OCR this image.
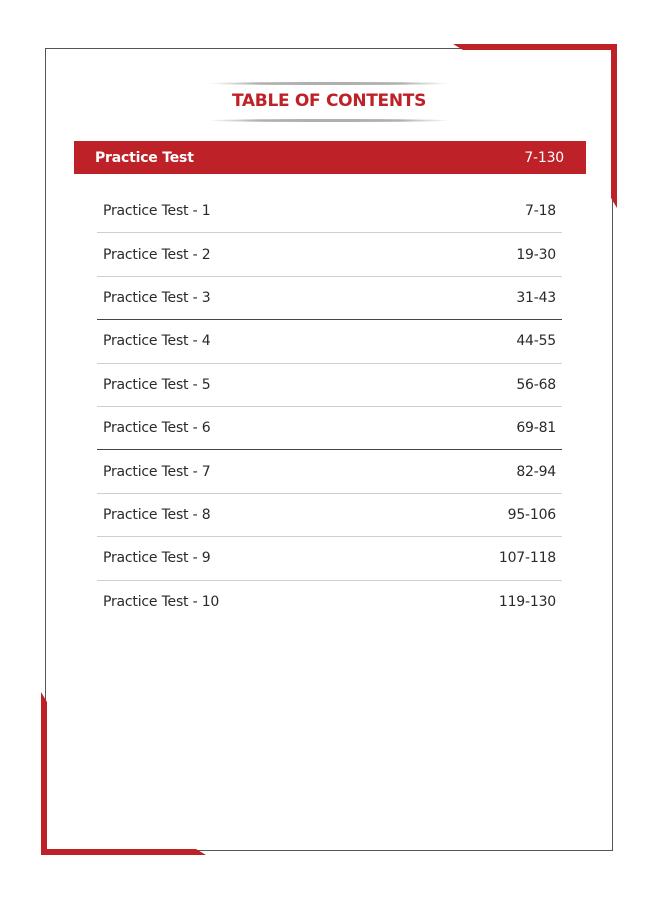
TABLE OF CONTENTS
Practice Test	7-130
Practice Test - 1	7-18
Practice Test - 2	19-30
Practice Test - 3	31-43
Practice Test - 4	44-55
Practice Test - 5	56-68
Practice Test - 6	69-81
Practice Test - 7	82-94
Practice Test - 8	95-106
Practice Test - 9	107-118
Practice Test - 10	119-130
